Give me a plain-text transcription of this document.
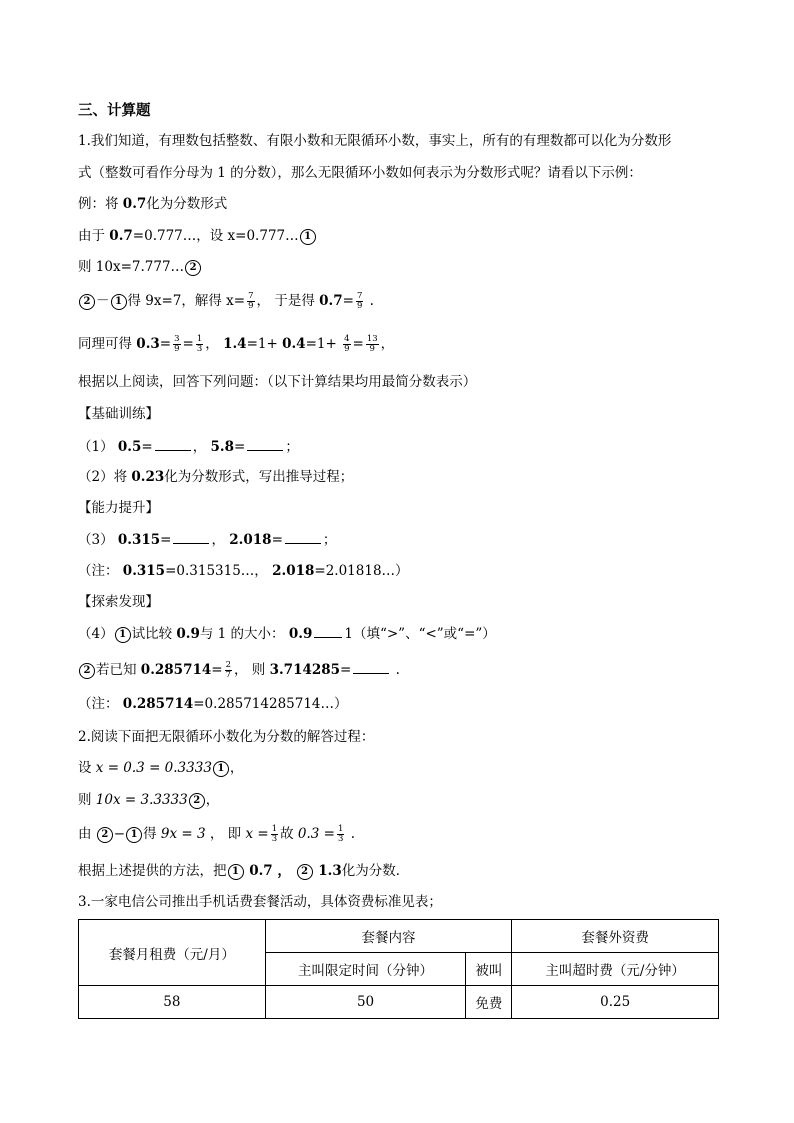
三、计算题
1.我们知道，有理数包括整数、有限小数和无限循环小数，事实上，所有的有理数都可以化为分数形
式（整数可看作分母为 1 的分数），那么无限循环小数如何表示为分数形式呢？请看以下示例：
例：将 0.7化为分数形式
由于 0.7=0.777…，设 x=0.777… 1
则 10x=7.777… 2
2 － 1 得 9x=7，解得 $x= \frac{7}{9}$ ， 于是得 $0.7= \frac{7}{9}$ .
同理可得 $0.3= \frac{3}{9} = \frac{1}{3}$ ， $1.4=1+ 0.4=1+ \frac{4}{9} = \frac{13}{9}$ ，
根据以上阅读，回答下列问题：（以下计算结果均用最简分数表示）
【基础训练】
（1） 0.5=	， 5.8=	；
（2）将 0.23化为分数形式，写出推导过程；
【能力提升】
（3） 0.315=	， 2.018=	；
（注： 0.315=0.315315…， 2.018=2.01818…）
【探索发现】
（4） 1 试比较 0.9与 1 的大小： 0.9 1（填“>”、“<”或“=”）
2 若已知 $0.285714= \frac{2}{7}$ ， 则 3.714285=	.
（注： 0.285714=0.285714285714…）
2.阅读下面把无限循环小数化为分数的解答过程：
设 x = 0.3 = 0.3333 1 ，
则 10x = 3.3333 2 ，
由 2 − 1 得 9x = 3 ， 即 $x = \frac{1}{3}$ 故 $0.3 = \frac{1}{3}$ .
根据上述提供的方法，把 1 0.7 ， 2 1.3化为分数．
3.一家电信公司推出手机话费套餐活动，具体资费标准见表；
套餐月租费（元/月）	套餐内容		套餐外资费
	主叫限定时间（分钟）	被叫	主叫超时费（元/分钟）
58	50	免费	0.25
